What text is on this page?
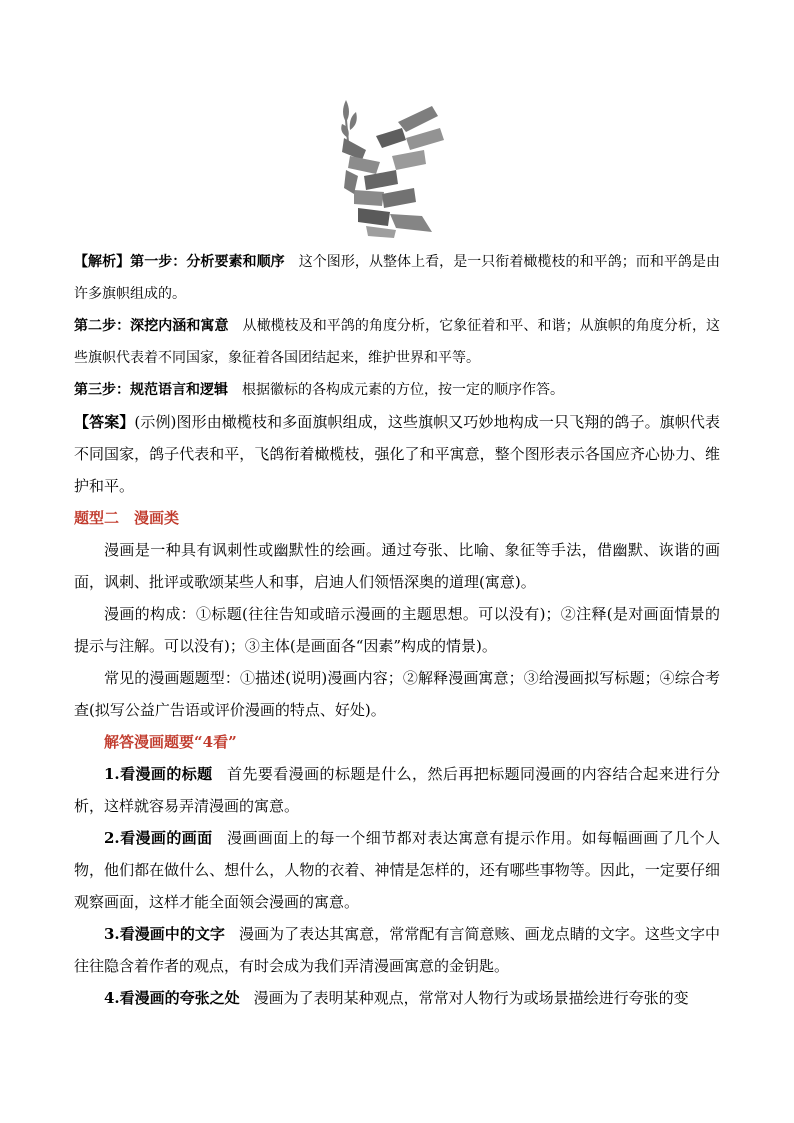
【解析】第一步：分析要素和顺序 这个图形，从整体上看，是一只衔着橄榄枝的和平鸽；而和平鸽是由许多旗帜组成的。

第二步：深挖内涵和寓意 从橄榄枝及和平鸽的角度分析，它象征着和平、和谐；从旗帜的角度分析，这些旗帜代表着不同国家，象征着各国团结起来，维护世界和平等。

第三步：规范语言和逻辑 根据徽标的各构成元素的方位，按一定的顺序作答。

【答案】(示例)图形由橄榄枝和多面旗帜组成，这些旗帜又巧妙地构成一只飞翔的鸽子。旗帜代表不同国家，鸽子代表和平，飞鸽衔着橄榄枝，强化了和平寓意，整个图形表示各国应齐心协力、维护和平。

题型二　漫画类

漫画是一种具有讽刺性或幽默性的绘画。通过夸张、比喻、象征等手法，借幽默、诙谐的画面，讽刺、批评或歌颂某些人和事，启迪人们领悟深奥的道理(寓意)。

漫画的构成：①标题(往往告知或暗示漫画的主题思想。可以没有)；②注释(是对画面情景的提示与注解。可以没有)；③主体(是画面各“因素”构成的情景)。

常见的漫画题题型：①描述(说明)漫画内容；②解释漫画寓意；③给漫画拟写标题；④综合考查(拟写公益广告语或评价漫画的特点、好处)。

解答漫画题要“4看”

1.看漫画的标题 首先要看漫画的标题是什么，然后再把标题同漫画的内容结合起来进行分析，这样就容易弄清漫画的寓意。

2.看漫画的画面 漫画画面上的每一个细节都对表达寓意有提示作用。如每幅画画了几个人物，他们都在做什么、想什么，人物的衣着、神情是怎样的，还有哪些事物等。因此，一定要仔细观察画面，这样才能全面领会漫画的寓意。

3.看漫画中的文字 漫画为了表达其寓意，常常配有言简意赅、画龙点睛的文字。这些文字中往往隐含着作者的观点，有时会成为我们弄清漫画寓意的金钥匙。

4.看漫画的夸张之处 漫画为了表明某种观点，常常对人物行为或场景描绘进行夸张的变
